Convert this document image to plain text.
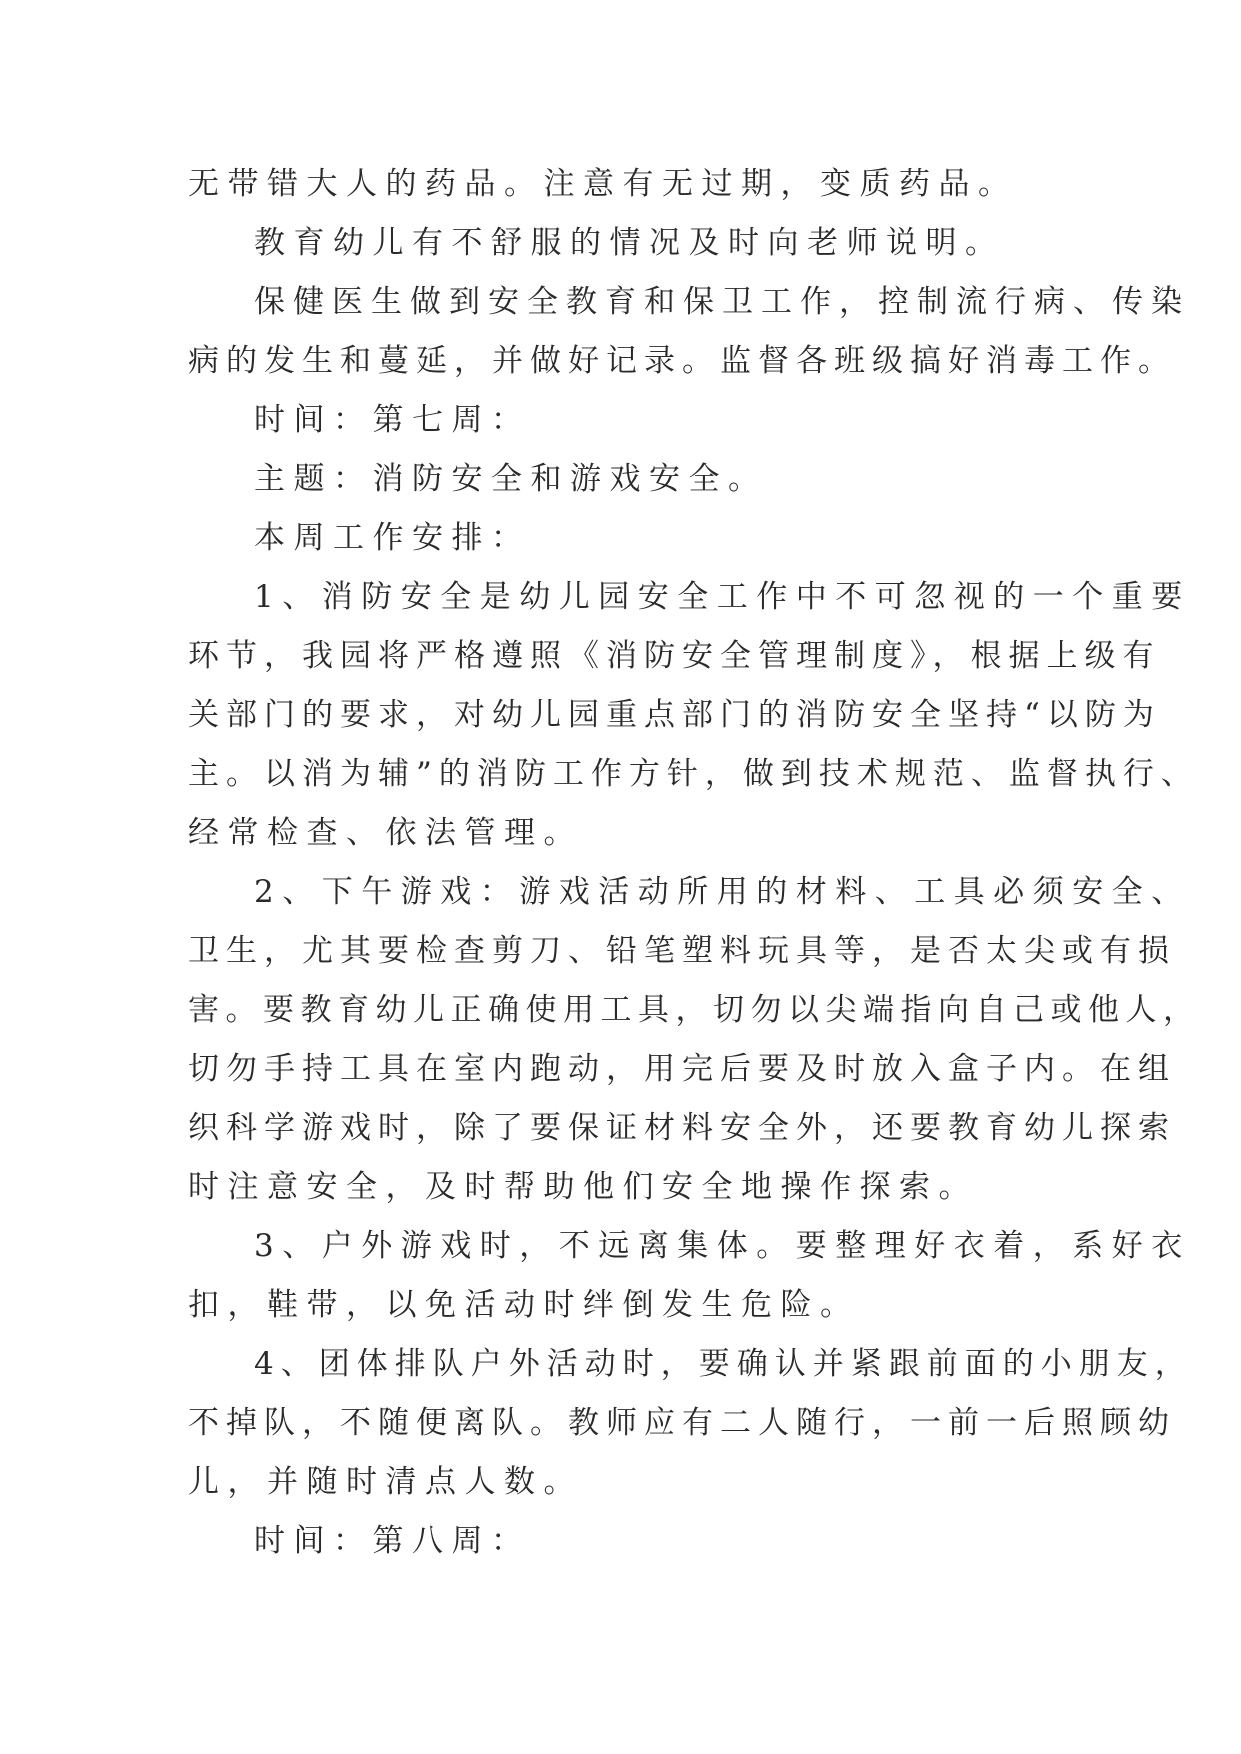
无带错大人的药品。注意有无过期，变质药品。

教育幼儿有不舒服的情况及时向老师说明。

保健医生做到安全教育和保卫工作，控制流行病、传染

病的发生和蔓延，并做好记录。监督各班级搞好消毒工作。

时间：第七周：

主题：消防安全和游戏安全。

本周工作安排：

1、消防安全是幼儿园安全工作中不可忽视的一个重要

环节，我园将严格遵照《消防安全管理制度》，根据上级有

关部门的要求，对幼儿园重点部门的消防安全坚持“以防为

主。以消为辅”的消防工作方针，做到技术规范、监督执行、

经常检查、依法管理。

2、下午游戏：游戏活动所用的材料、工具必须安全、

卫生，尤其要检查剪刀、铅笔塑料玩具等，是否太尖或有损

害。要教育幼儿正确使用工具，切勿以尖端指向自己或他人，

切勿手持工具在室内跑动，用完后要及时放入盒子内。在组

织科学游戏时，除了要保证材料安全外，还要教育幼儿探索

时注意安全，及时帮助他们安全地操作探索。

3、户外游戏时，不远离集体。要整理好衣着，系好衣

扣，鞋带，以免活动时绊倒发生危险。

4、团体排队户外活动时，要确认并紧跟前面的小朋友，

不掉队，不随便离队。教师应有二人随行，一前一后照顾幼

儿，并随时清点人数。

时间：第八周：
